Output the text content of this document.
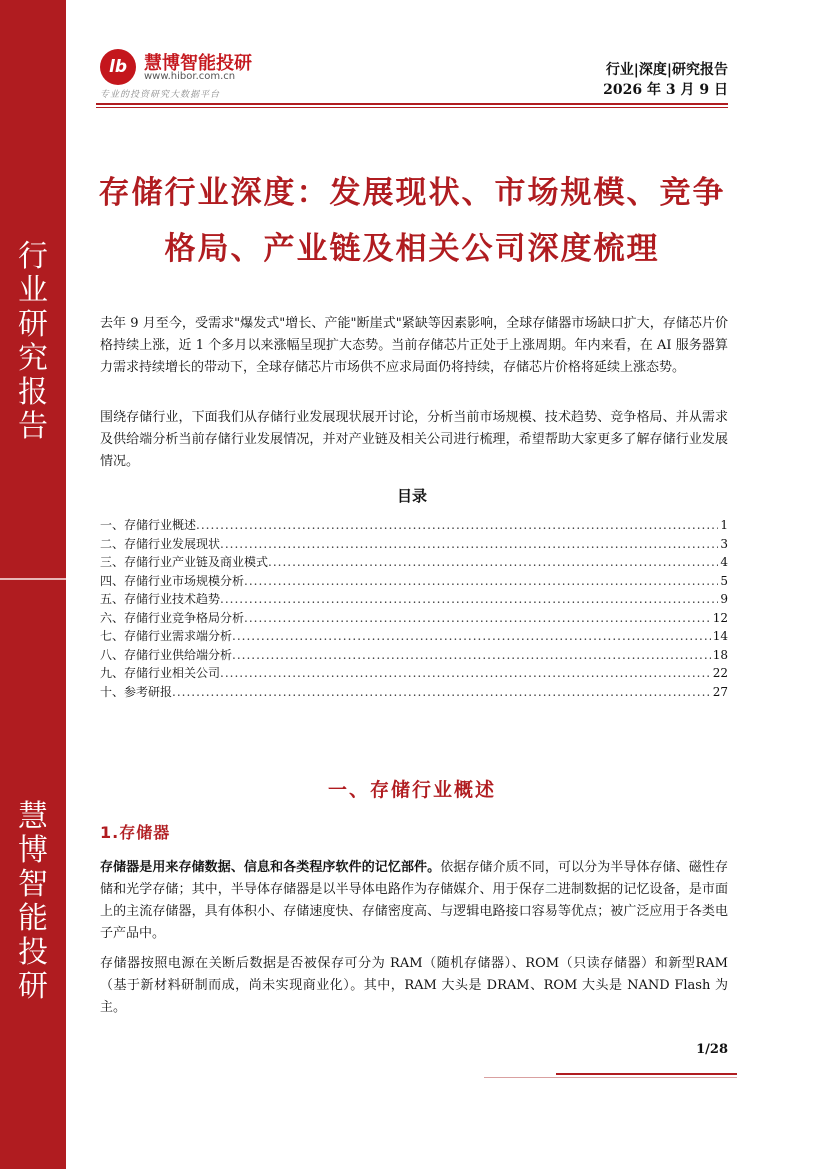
行
业
研
究
报
告
慧
博
智
能
投
研
lb 慧博智能投研
www.hibor.com.cn
专业的投资研究大数据平台
行业|深度|研究报告
2026 年 3 月 9 日
存储行业深度：发展现状、市场规模、竞争
格局、产业链及相关公司深度梳理

去年 9 月至今，受需求"爆发式"增长、产能"断崖式"紧缺等因素影响，全球存储器市场缺口扩大，存储芯片价格持续上涨，近 1 个多月以来涨幅呈现扩大态势。当前存储芯片正处于上涨周期。年内来看，在 AI 服务器算力需求持续增长的带动下，全球存储芯片市场供不应求局面仍将持续，存储芯片价格将延续上涨态势。

围绕存储行业，下面我们从存储行业发展现状展开讨论，分析当前市场规模、技术趋势、竞争格局、并从需求及供给端分析当前存储行业发展情况，并对产业链及相关公司进行梳理，希望帮助大家更多了解存储行业发展情况。

目录
一、存储行业概述 .....	1
二、存储行业发展现状 .....	3
三、存储行业产业链及商业模式 .....	4
四、存储行业市场规模分析 .....	5
五、存储行业技术趋势 .....	9
六、存储行业竞争格局分析 .....	12
七、存储行业需求端分析 .....	14
八、存储行业供给端分析 .....	18
九、存储行业相关公司 .....	22
十、参考研报 .....	27
一、存储行业概述
1.存储器

存储器是用来存储数据、信息和各类程序软件的记忆部件。依据存储介质不同，可以分为半导体存储、磁性存储和光学存储；其中，半导体存储器是以半导体电路作为存储媒介、用于保存二进制数据的记忆设备，是市面上的主流存储器，具有体积小、存储速度快、存储密度高、与逻辑电路接口容易等优点；被广泛应用于各类电子产品中。

存储器按照电源在关断后数据是否被保存可分为 RAM（随机存储器）、ROM（只读存储器）和新型RAM（基于新材料研制而成，尚未实现商业化）。其中，RAM 大头是 DRAM、ROM 大头是 NAND Flash 为主。

1/28
